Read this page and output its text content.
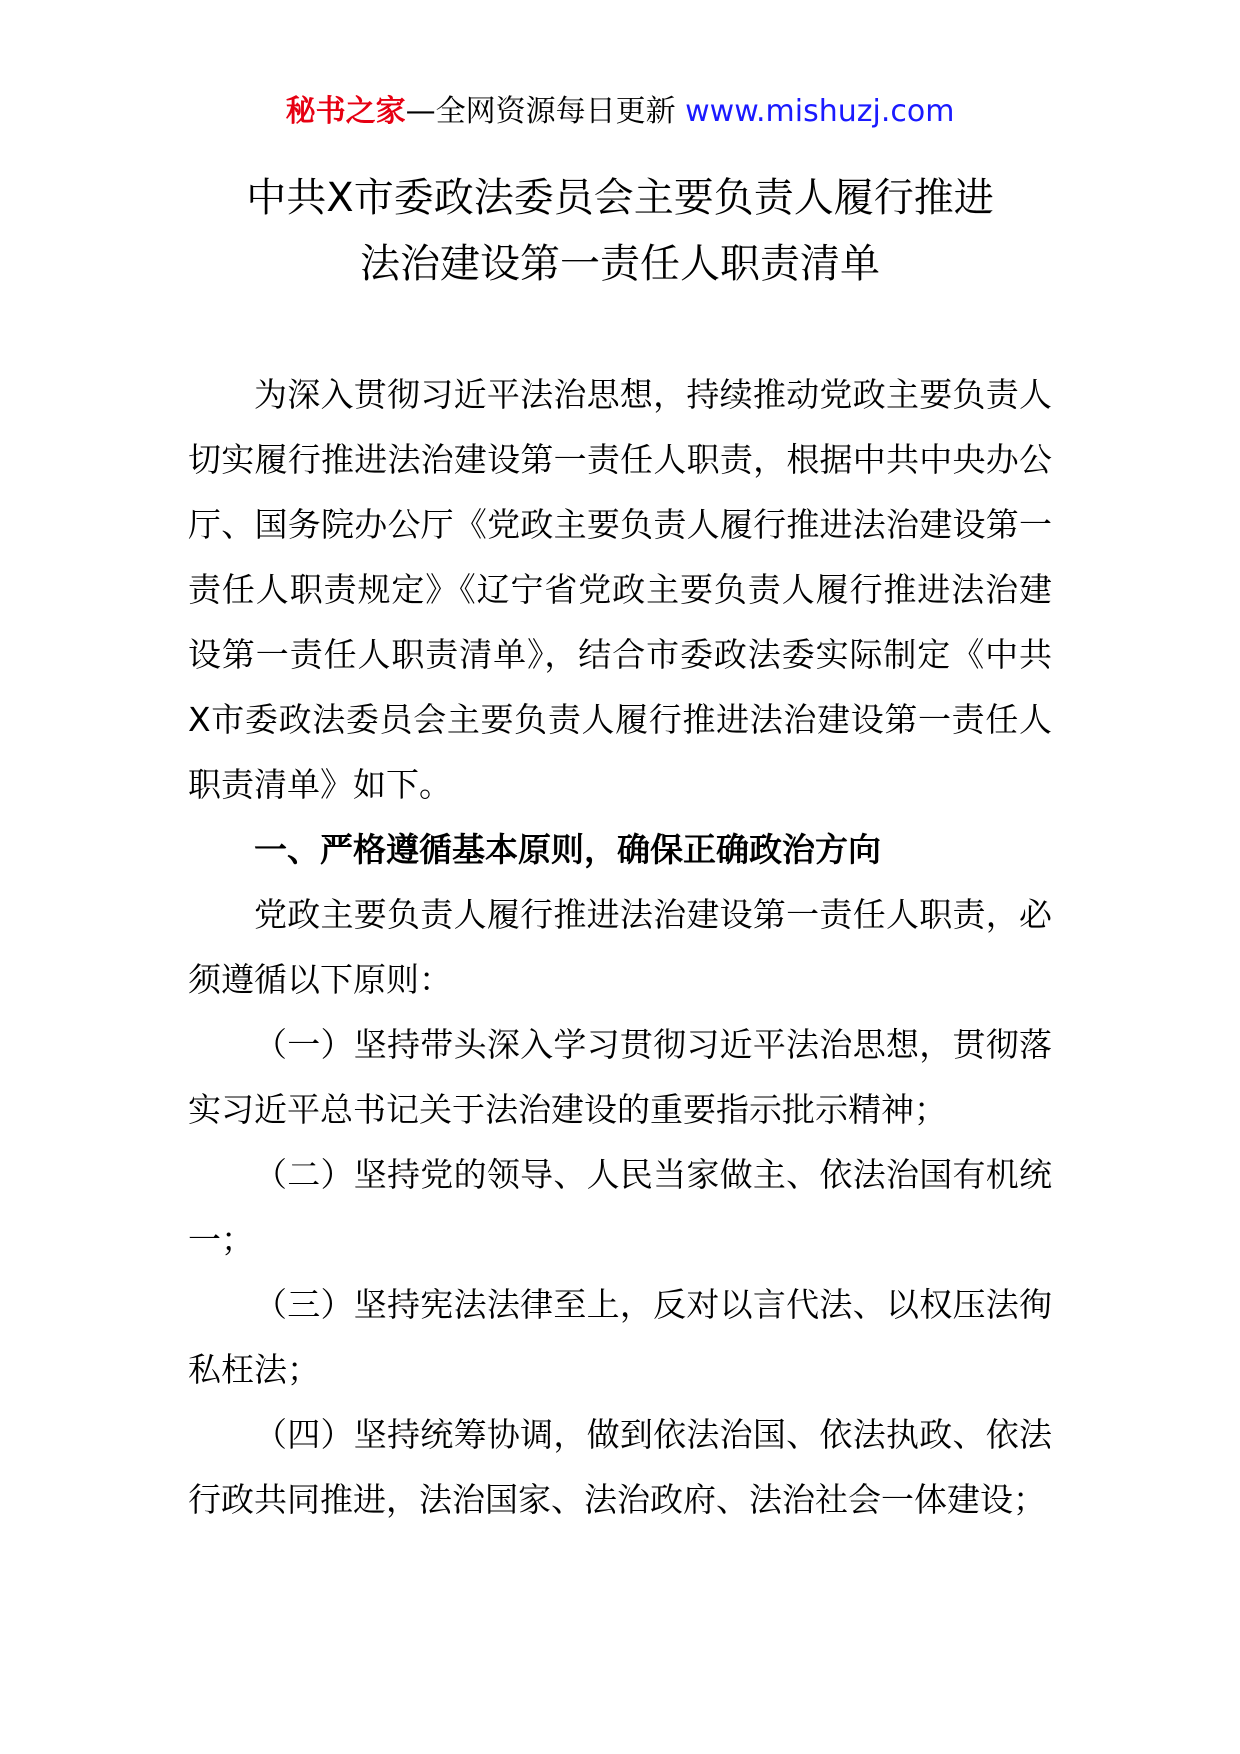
秘书之家—全网资源每日更新 www.mishuzj.com
中共X市委政法委员会主要负责人履行推进
法治建设第一责任人职责清单

为深入贯彻习近平法治思想，持续推动党政主要负责人切实履行推进法治建设第一责任人职责，根据中共中央办公厅、国务院办公厅《党政主要负责人履行推进法治建设第一责任人职责规定》《辽宁省党政主要负责人履行推进法治建设第一责任人职责清单》，结合市委政法委实际制定《中共X市委政法委员会主要负责人履行推进法治建设第一责任人职责清单》如下。

一、严格遵循基本原则，确保正确政治方向

党政主要负责人履行推进法治建设第一责任人职责，必须遵循以下原则：

（一）坚持带头深入学习贯彻习近平法治思想，贯彻落实习近平总书记关于法治建设的重要指示批示精神；

（二）坚持党的领导、人民当家做主、依法治国有机统一；

（三）坚持宪法法律至上，反对以言代法、以权压法徇私枉法；

（四）坚持统筹协调，做到依法治国、依法执政、依法行政共同推进，法治国家、法治政府、法治社会一体建设；
